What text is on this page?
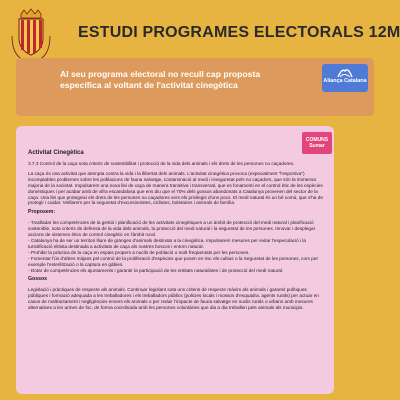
ESTUDI PROGRAMES ELECTORALS 12M
Al seu programa electoral no recull cap proposta específica al voltant de l'activitat cinegètica	Aliança Catalana
COMUNS Sumar

Activitat Cinegètica

3.7.3 Control de la caça sota criteris de sostenibilitat i protecció de la vida dels animals i els drets de les persones no caçadores.

La caça és una activitat que atempta contra la vida i la llibertat dels animals. L'activitat cinegètica provoca (especialment "l'esportiva") incomptables problemes sobre les poblacions de fauna salvatge, contaminació al medi i inseguretat pels no caçadors, que són la immensa majoria de la societat. Impulsarem una nova llei de caça de manera transitiva i transversal, que es fonamenti en el control ètic de les espècies domèstiques i per acabar amb de xifra escandalosa que ens diu que el 70% dels gossos abandonats a Catalunya provenen del sector de la caça. Una llei que protegeixi els drets de les persones no caçadores vers els privilegis d'uns pocs. El medi natural és un bé comú, que s'ha de protegir i cuidar. Vetllarem per la seguretat d'excursionistes, ciclistes, boletaires i animals de família.

Proposem:

- Traslladar les competències de la gestió i planificació de les activitats cinegètiques a un àmbit de protecció del medi natural i planificació sostenible, sota criteris de defensa de la vida dels animals, la protecció del medi natural i la seguretat de les persones. Innovar i desplegar accions de sistemes ètics de control cinegètic en l'àmbit rural.
- Catalunya ha de ser un territori lliure de granges d'animals destinats a la cinegètica. Impulsarem mesures per evitar l'especulació i la turistificació elitista destinada a activitats de caça als nostres boscos i entorn natural.
- Prohibir la pràctica de la caça en espais propers a nuclis de població o molt freqüentats per les persones.
- Fomentar l'ús d'altres mitjans pel control de la proliferació d'espècies que posen en risc els cultius o la Seguretat de les persones, com per exemple l'esterilització o la captura en gàbies.
- Dotar de competències els ajuntaments i garantir la participació de les entitats naturalistes i de protecció del medi natural.

Gossos

Legislació i pràctiques de respecte als animals. Continuar legislant sota uns criteris de respecte màxim als animals i garantir polítiques públiques i formació adequada a les treballadores i els treballadors públics (policies locals i mossos d'esquadra, agents rurals) per actuar en casos de maltractament i negligències envers els animals o per reduir l'impacte de fauna salvatge en nuclis rurals o urbans amb mesures alternatives a les armes de foc, de forma coordinada amb les persones voluntàries que dia a dia treballen pels animals als municipis.
